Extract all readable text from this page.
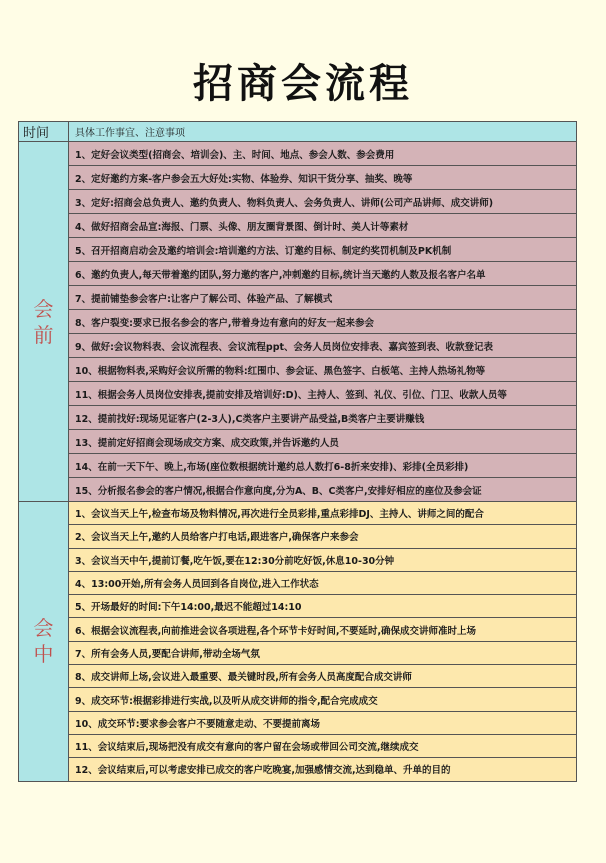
招商会流程
时间	具体工作事宜、注意事项
会前	1、定好会议类型(招商会、培训会)、主、时间、地点、参会人数、参会费用
	2、定好邀约方案-客户参会五大好处:实物、体验券、知识干货分享、抽奖、晚等
	3、定好:招商会总负责人、邀约负责人、物料负责人、会务负责人、讲师(公司产品讲师、成交讲师)
	4、做好招商会品宣:海报、门票、头像、朋友圈背景图、倒计时、美人计等素材
	5、召开招商启动会及邀约培训会:培训邀约方法、订邀约目标、制定约奖罚机制及PK机制
	6、邀约负责人,每天带着邀约团队,努力邀约客户,冲刺邀约目标,统计当天邀约人数及报名客户名单
	7、提前铺垫参会客户:让客户了解公司、体验产品、了解模式
	8、客户裂变:要求已报名参会的客户,带着身边有意向的好友一起来参会
	9、做好:会议物料表、会议流程表、会议流程ppt、会务人员岗位安排表、嘉宾签到表、收款登记表
	10、根据物料表,采购好会议所需的物料:红围巾、参会证、黑色签字、白板笔、主持人热场礼物等
	11、根据会务人员岗位安排表,提前安排及培训好:D)、主持人、签到、礼仪、引位、门卫、收款人员等
	12、提前找好:现场见证客户(2-3人),C类客户主要讲产品受益,B类客户主要讲赚钱
	13、提前定好招商会现场成交方案、成交政策,并告诉邀约人员
	14、在前一天下午、晚上,布场(座位数根据统计邀约总人数打6-8折来安排)、彩排(全员彩排)
	15、分析报名参会的客户情况,根据合作意向度,分为A、B、C类客户,安排好相应的座位及参会证
会中	1、会议当天上午,检查布场及物料情况,再次进行全员彩排,重点彩排DJ、主持人、讲师之间的配合
	2、会议当天上午,邀约人员给客户打电话,跟进客户,确保客户来参会
	3、会议当天中午,提前订餐,吃午饭,要在12:30分前吃好饭,休息10-30分钟
	4、13:00开始,所有会务人员回到各自岗位,进入工作状态
	5、开场最好的时间:下午14:00,最迟不能超过14:10
	6、根据会议流程表,向前推进会议各项进程,各个环节卡好时间,不要延时,确保成交讲师准时上场
	7、所有会务人员,要配合讲师,带动全场气氛
	8、成交讲师上场,会议进入最重要、最关键时段,所有会务人员高度配合成交讲师
	9、成交环节:根据彩排进行实战,以及听从成交讲师的指令,配合完成成交
	10、成交环节:要求参会客户不要随意走动、不要提前离场
	11、会议结束后,现场把没有成交有意向的客户留在会场或带回公司交流,继续成交
	12、会议结束后,可以考虑安排已成交的客户吃晚宴,加强感情交流,达到稳单、升单的目的
